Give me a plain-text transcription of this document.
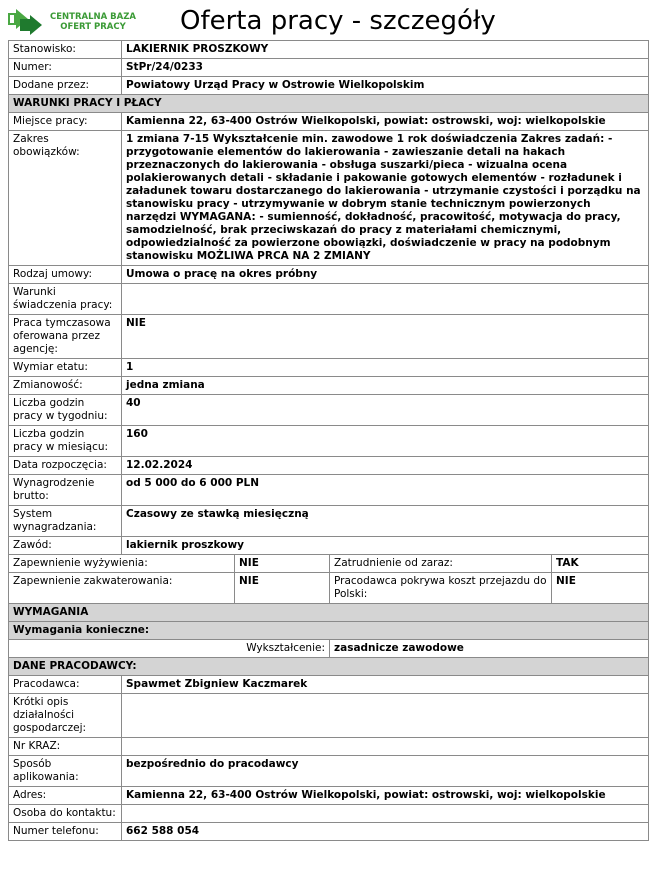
CENTRALNA BAZA
OFERT PRACY	Oferta pracy - szczegóły
Stanowisko:	LAKIERNIK PROSZKOWY			
Numer:	StPr/24/0233			
Dodane przez:	Powiatowy Urząd Pracy w Ostrowie Wielkopolskim			
WARUNKI PRACY I PŁACY				
Miejsce pracy:	Kamienna 22, 63-400 Ostrów Wielkopolski, powiat: ostrowski, woj: wielkopolskie			
Zakres obowiązków:	1 zmiana 7-15 Wykształcenie min. zawodowe 1 rok doświadczenia Zakres zadań: - przygotowanie elementów do lakierowania - zawieszanie detali na hakach przeznaczonych do lakierowania - obsługa suszarki/pieca - wizualna ocena polakierowanych detali - składanie i pakowanie gotowych elementów - rozładunek i załadunek towaru dostarczanego do lakierowania - utrzymanie czystości i porządku na stanowisku pracy - utrzymywanie w dobrym stanie technicznym powierzonych narzędzi WYMAGANA: - sumienność, dokładność, pracowitość, motywacja do pracy, samodzielność, brak przeciwskazań do pracy z materiałami chemicznymi, odpowiedzialność za powierzone obowiązki, doświadczenie w pracy na podobnym stanowisku MOŻLIWA PRCA NA 2 ZMIANY			
Rodzaj umowy:	Umowa o pracę na okres próbny			
Warunki świadczenia pracy:				
Praca tymczasowa oferowana przez agencję:	NIE			
Wymiar etatu:	1			
Zmianowość:	jedna zmiana			
Liczba godzin pracy w tygodniu:	40			
Liczba godzin pracy w miesiącu:	160			
Data rozpoczęcia:	12.02.2024			
Wynagrodzenie brutto:	od 5 000 do 6 000 PLN			
System wynagradzania:	Czasowy ze stawką miesięczną			
Zawód:	lakiernik proszkowy			
Zapewnienie wyżywienia:		NIE	Zatrudnienie od zaraz:	TAK
Zapewnienie zakwaterowania:		NIE	Pracodawca pokrywa koszt przejazdu do Polski:	NIE
WYMAGANIA				
Wymagania konieczne:				
Wykształcenie:			zasadnicze zawodowe	
DANE PRACODAWCY:				
Pracodawca:	Spawmet Zbigniew Kaczmarek			
Krótki opis działalności gospodarczej:				
Nr KRAZ:				
Sposób aplikowania:	bezpośrednio do pracodawcy			
Adres:	Kamienna 22, 63-400 Ostrów Wielkopolski, powiat: ostrowski, woj: wielkopolskie			
Osoba do kontaktu:				
Numer telefonu:	662 588 054			
